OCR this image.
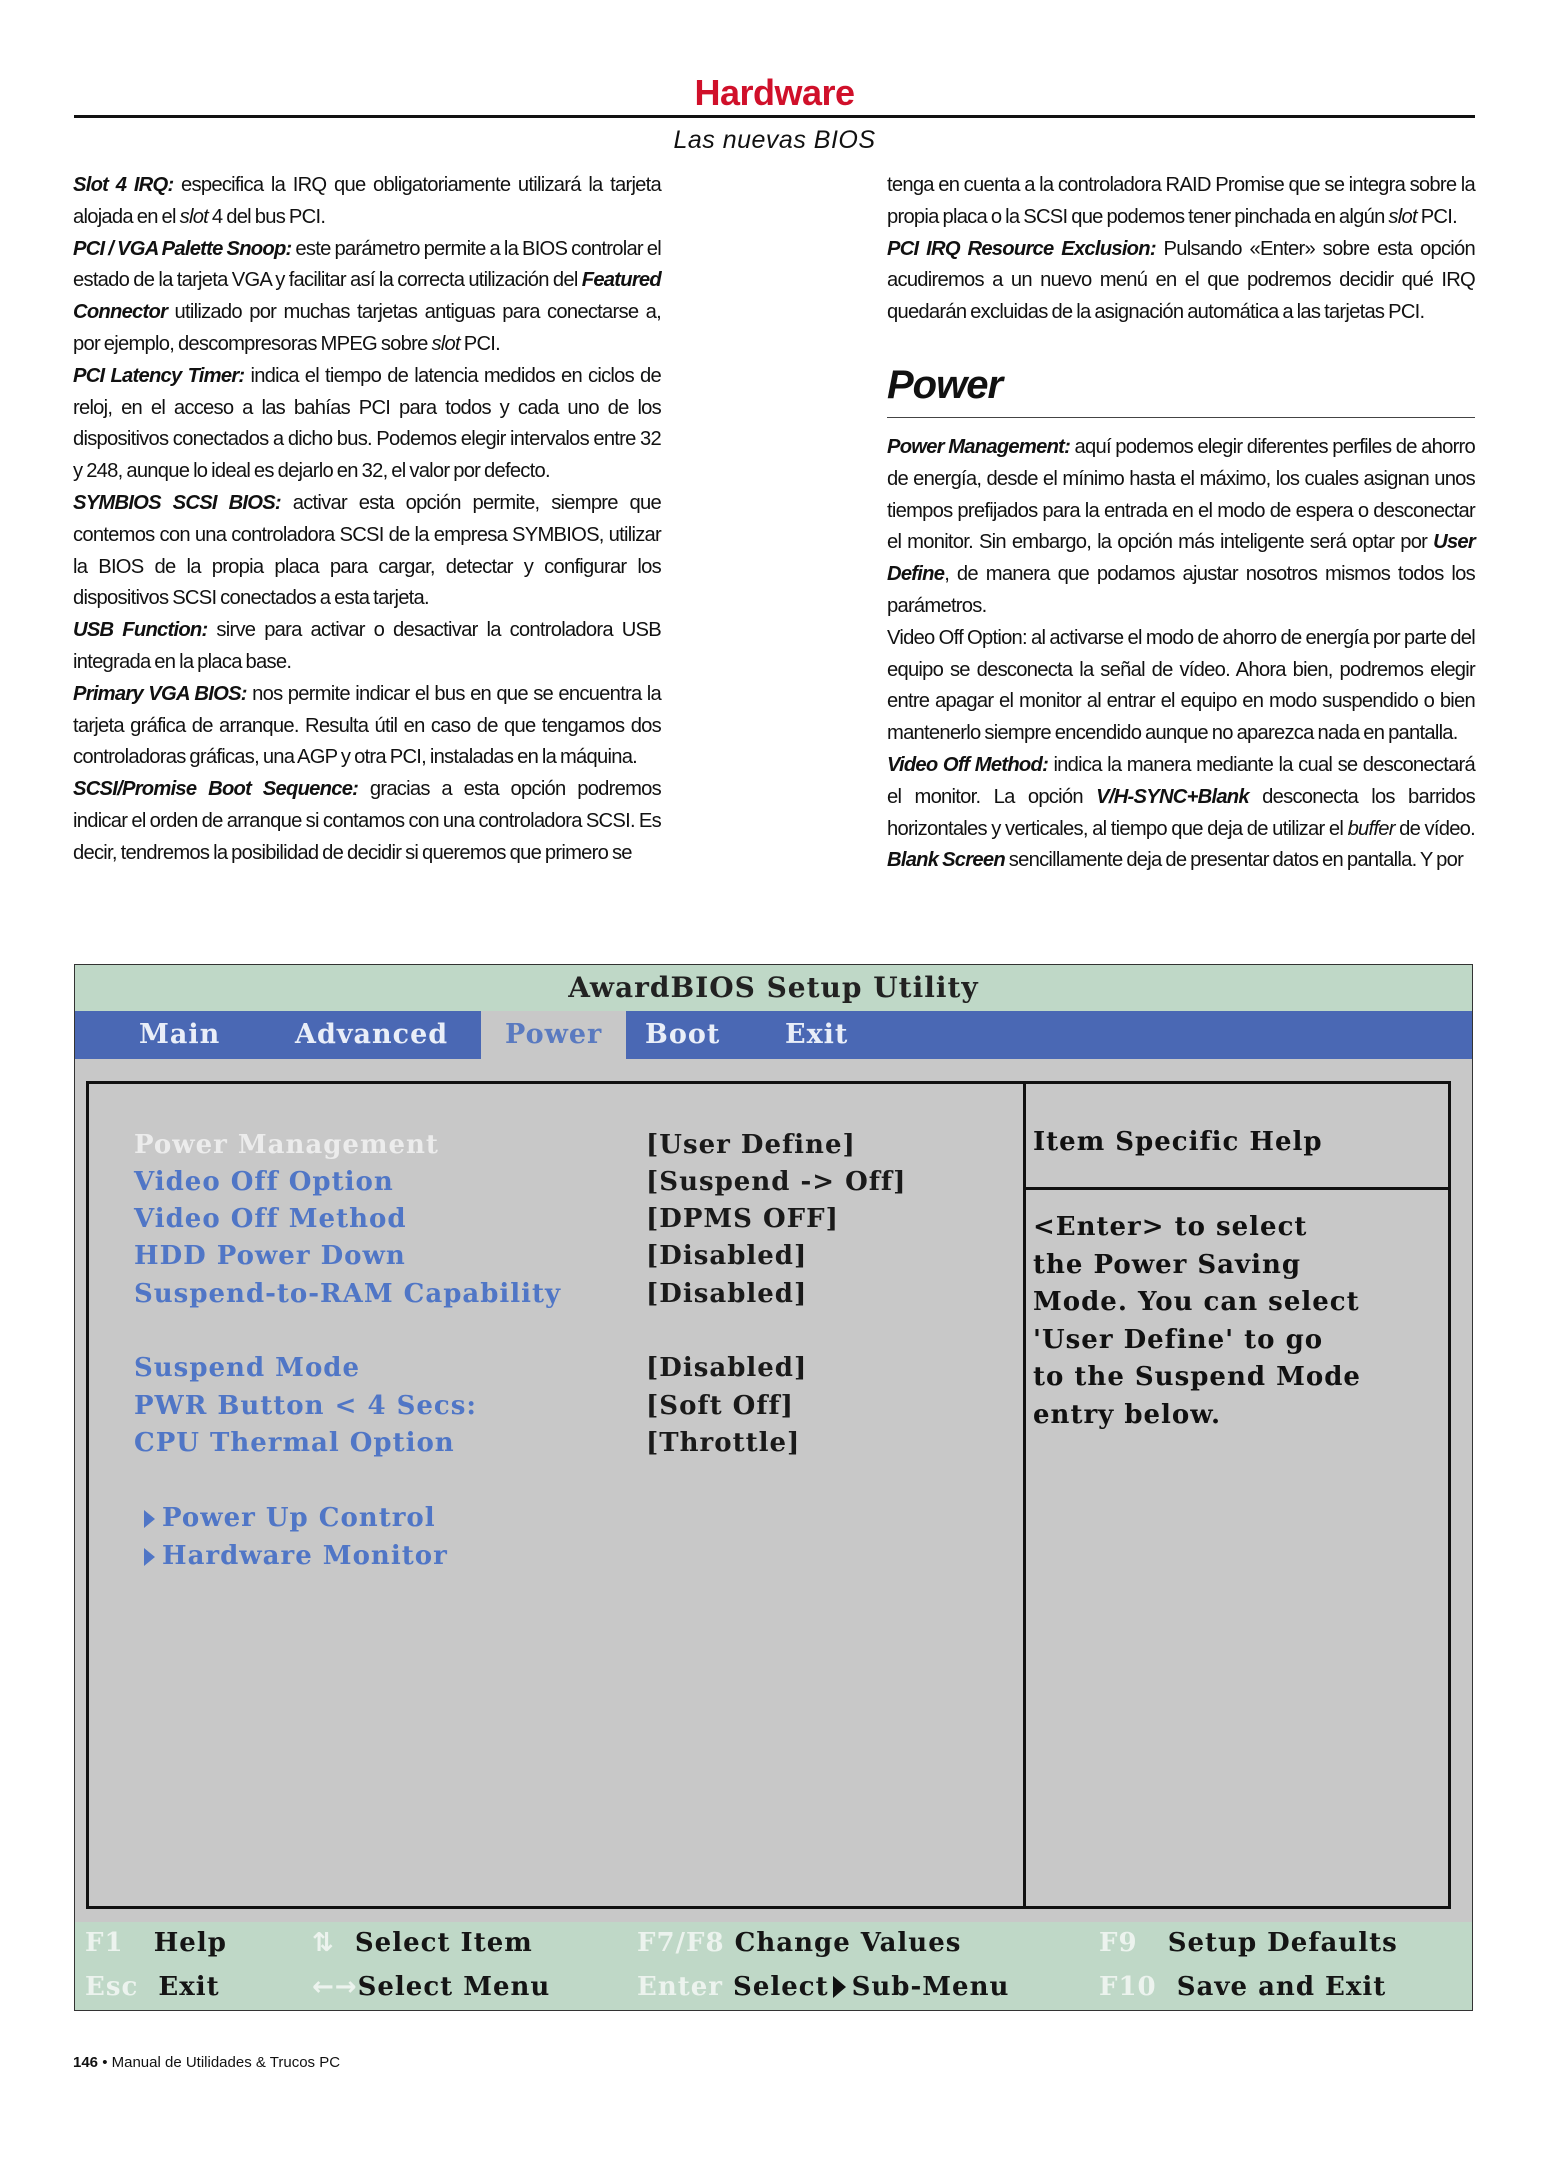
Hardware
Las nuevas BIOS

Slot 4 IRQ: especifica la IRQ que obligatoriamente utilizará la tarjeta alojada en el slot 4 del bus PCI.

PCI / VGA Palette Snoop: este parámetro permite a la BIOS controlar el estado de la tarjeta VGA y facilitar así la correcta utilización del Featured Connector utilizado por muchas tarjetas antiguas para conectarse a, por ejemplo, descompresoras MPEG sobre slot PCI.

PCI Latency Timer: indica el tiempo de latencia medidos en ciclos de reloj, en el acceso a las bahías PCI para todos y cada uno de los dispositivos conectados a dicho bus. Podemos elegir intervalos entre 32 y 248, aunque lo ideal es dejarlo en 32, el valor por defecto.

SYMBIOS SCSI BIOS: activar esta opción permite, siempre que contemos con una controladora SCSI de la empresa SYMBIOS, utilizar la BIOS de la propia placa para cargar, detectar y configurar los dispositivos SCSI conectados a esta tarjeta.

USB Function: sirve para activar o desactivar la controladora USB integrada en la placa base.

Primary VGA BIOS: nos permite indicar el bus en que se encuentra la tarjeta gráfica de arranque. Resulta útil en caso de que tengamos dos controladoras gráficas, una AGP y otra PCI, instaladas en la máquina.

SCSI/Promise Boot Sequence: gracias a esta opción podremos indicar el orden de arranque si contamos con una controladora SCSI. Es decir, tendremos la posibilidad de decidir si queremos que primero se

tenga en cuenta a la controladora RAID Promise que se integra sobre la propia placa o la SCSI que podemos tener pinchada en algún slot PCI.

PCI IRQ Resource Exclusion: Pulsando «Enter» sobre esta opción acudiremos a un nuevo menú en el que podremos decidir qué IRQ quedarán excluidas de la asignación automática a las tarjetas PCI.

Power

Power Management: aquí podemos elegir diferentes perfiles de ahorro de energía, desde el mínimo hasta el máximo, los cuales asignan unos tiempos prefijados para la entrada en el modo de espera o desconectar el monitor. Sin embargo, la opción más inteligente será optar por User Define, de manera que podamos ajustar nosotros mismos todos los parámetros.

Video Off Option: al activarse el modo de ahorro de energía por parte del equipo se desconecta la señal de vídeo. Ahora bien, podremos elegir entre apagar el monitor al entrar el equipo en modo suspendido o bien mantenerlo siempre encendido aunque no aparezca nada en pantalla.

Video Off Method: indica la manera mediante la cual se desconectará el monitor. La opción V/H-SYNC+Blank desconecta los barridos horizontales y verticales, al tiempo que deja de utilizar el buffer de vídeo. Blank Screen sencillamente deja de presentar datos en pantalla. Y por

AwardBIOS Setup Utility
Main	Advanced	Power	Boot Exit
Power Management	[User Define]
Video Off Option	[Suspend -> Off]
Video Off Method	[DPMS OFF]
HDD Power Down	[Disabled]
Suspend-to-RAM Capability	[Disabled]
Suspend Mode	[Disabled]
PWR Button < 4 Secs:	[Soft Off]
CPU Thermal Option	[Throttle]
Power Up Control
Hardware Monitor
Item Specific Help
<Enter> to select
the Power Saving
Mode. You can select
'User Define' to go
to the Suspend Mode
entry below.
F1 Help	⇅ Select Item	F7/F8 Change Values	F9 Setup Defaults
Esc Exit	←→Select Menu	Enter Select Sub-Menu	F10 Save and Exit
146 • Manual de Utilidades & Trucos PC
